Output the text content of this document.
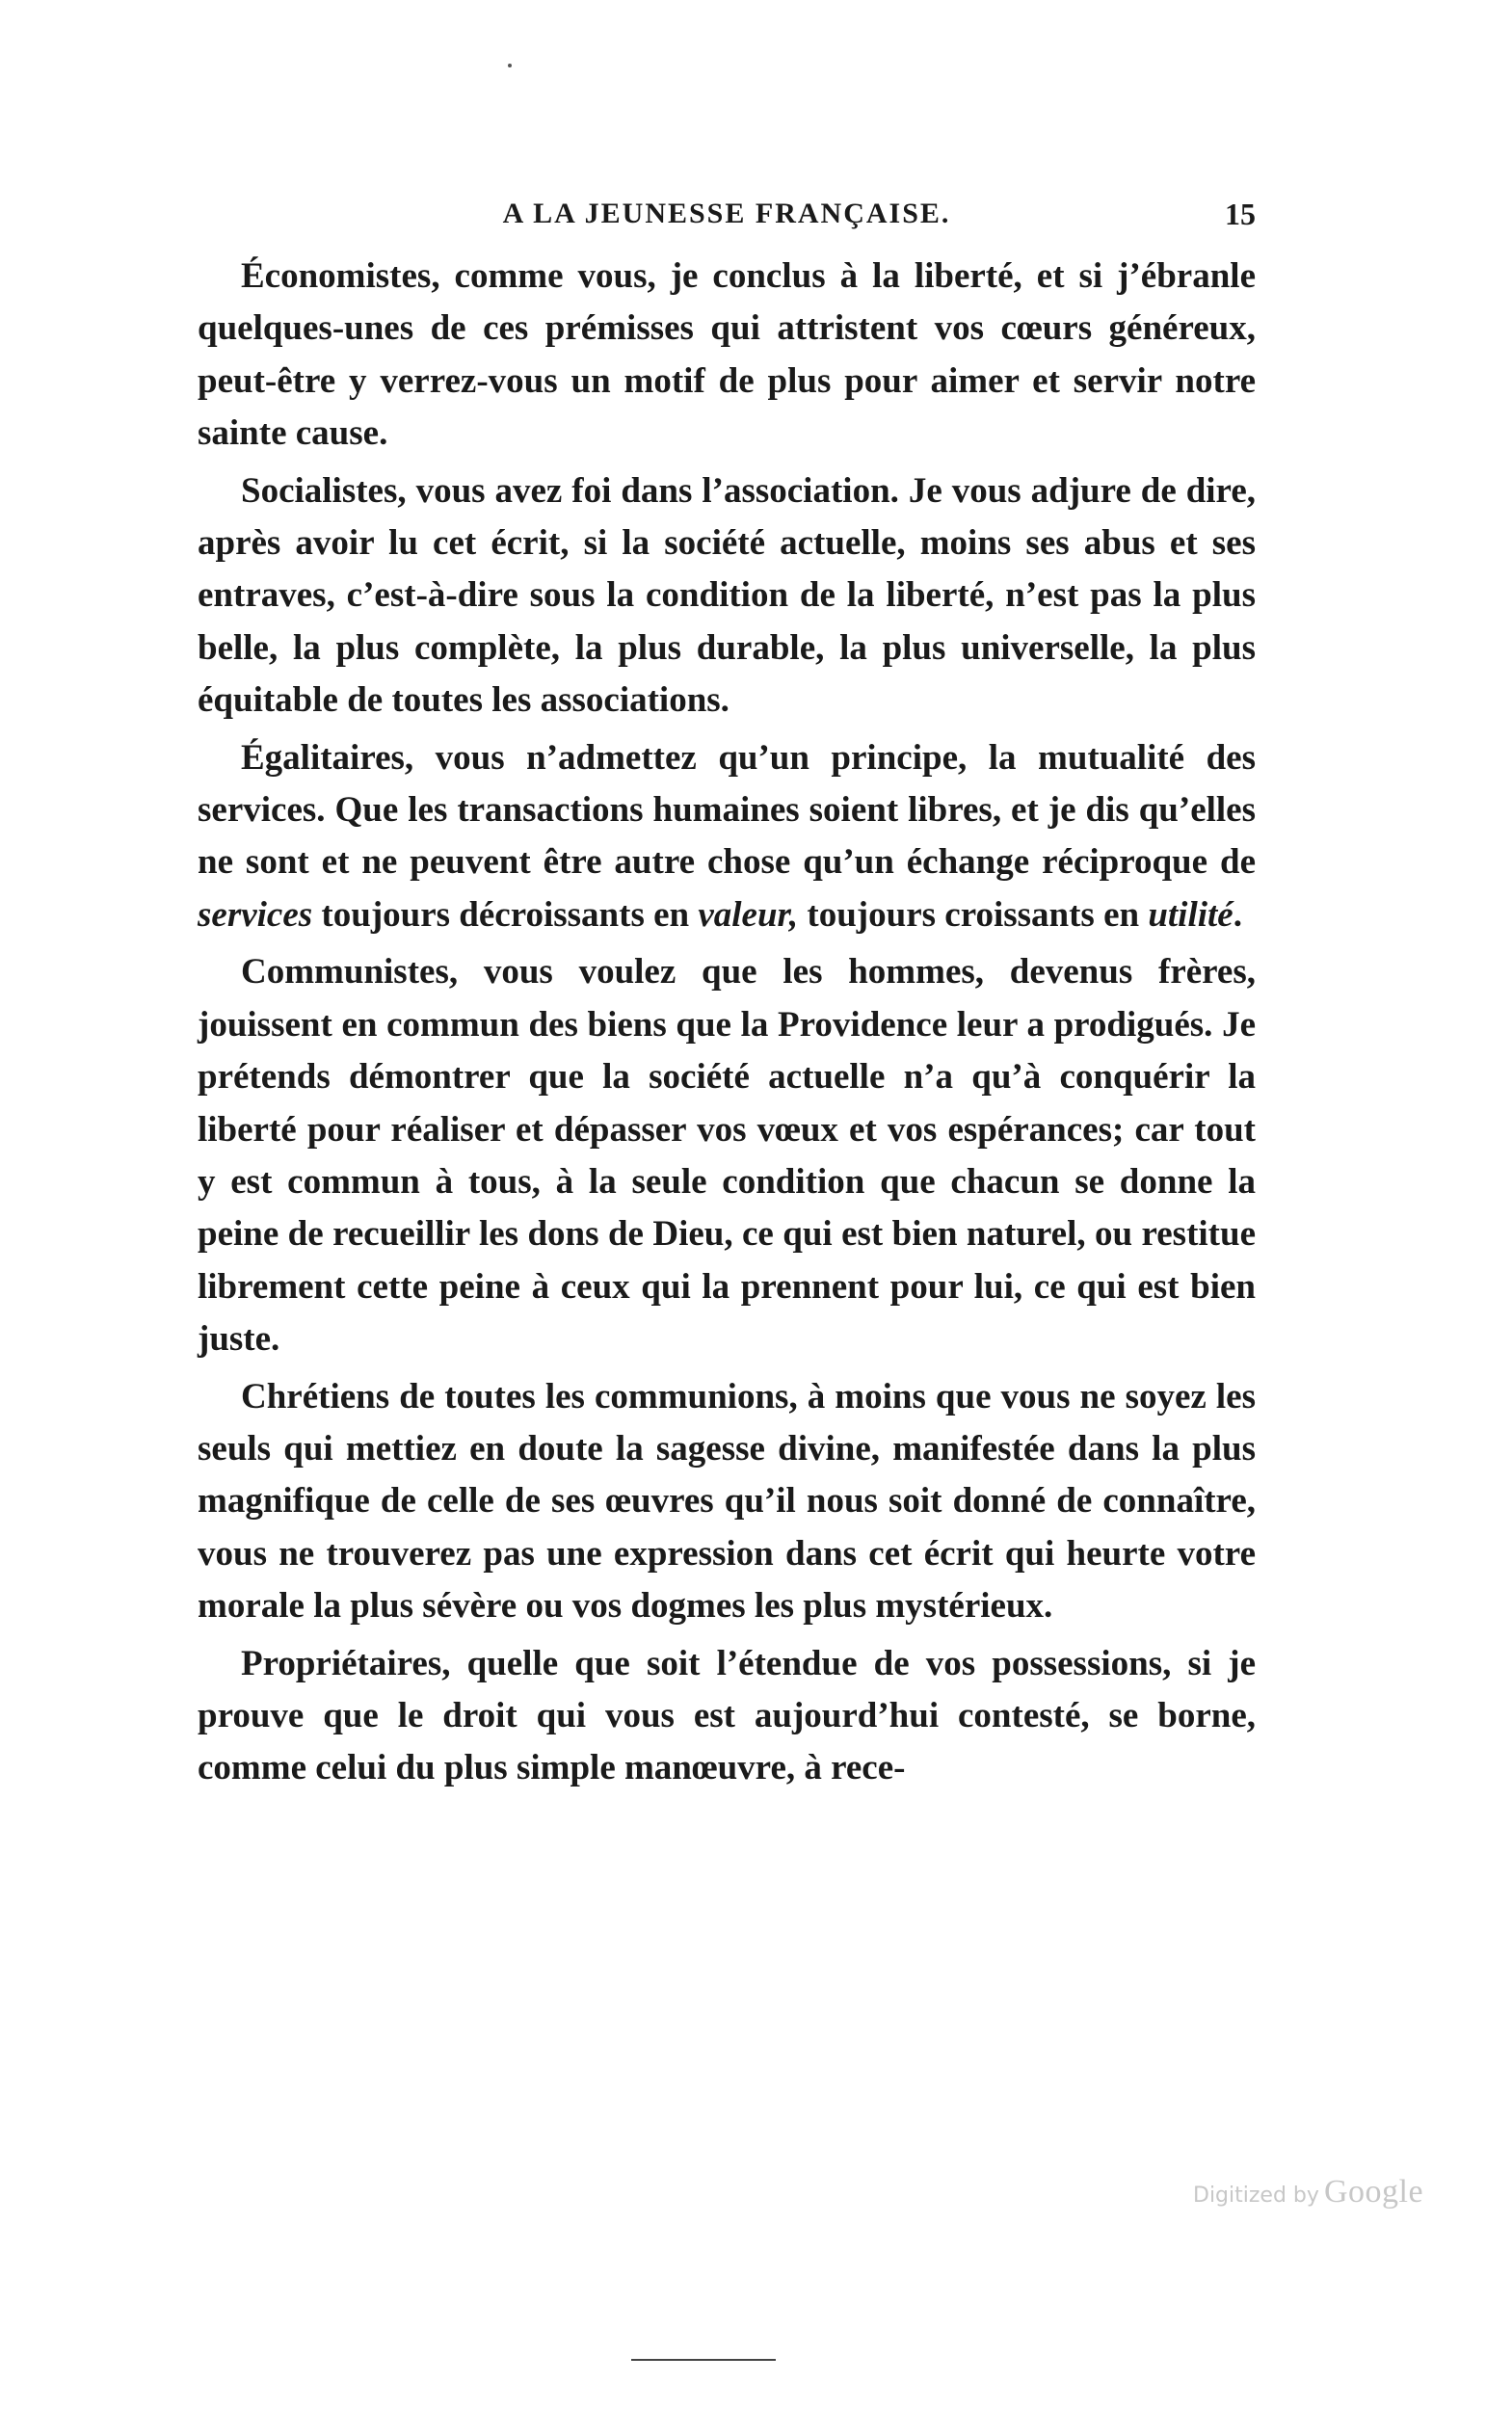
A LA JEUNESSE FRANÇAISE.	15

Économistes, comme vous, je conclus à la liberté, et si j’ébranle quelques-unes de ces prémisses qui attristent vos cœurs généreux, peut-être y verrez-vous un motif de plus pour aimer et servir notre sainte cause.

Socialistes, vous avez foi dans l’association. Je vous adjure de dire, après avoir lu cet écrit, si la société actuelle, moins ses abus et ses entraves, c’est-à-dire sous la condition de la liberté, n’est pas la plus belle, la plus complète, la plus durable, la plus universelle, la plus équitable de toutes les associations.

Égalitaires, vous n’admettez qu’un principe, la mutualité des services. Que les transactions humaines soient libres, et je dis qu’elles ne sont et ne peuvent être autre chose qu’un échange réciproque de services toujours décroissants en valeur, toujours croissants en utilité.

Communistes, vous voulez que les hommes, devenus frères, jouissent en commun des biens que la Providence leur a prodigués. Je prétends démontrer que la société actuelle n’a qu’à conquérir la liberté pour réaliser et dépasser vos vœux et vos espérances; car tout y est commun à tous, à la seule condition que chacun se donne la peine de recueillir les dons de Dieu, ce qui est bien naturel, ou restitue librement cette peine à ceux qui la prennent pour lui, ce qui est bien juste.

Chrétiens de toutes les communions, à moins que vous ne soyez les seuls qui mettiez en doute la sagesse divine, manifestée dans la plus magnifique de celle de ses œuvres qu’il nous soit donné de connaître, vous ne trouverez pas une expression dans cet écrit qui heurte votre morale la plus sévère ou vos dogmes les plus mystérieux.

Propriétaires, quelle que soit l’étendue de vos possessions, si je prouve que le droit qui vous est aujourd’hui contesté, se borne, comme celui du plus simple manœuvre, à rece-

Digitized by Google
